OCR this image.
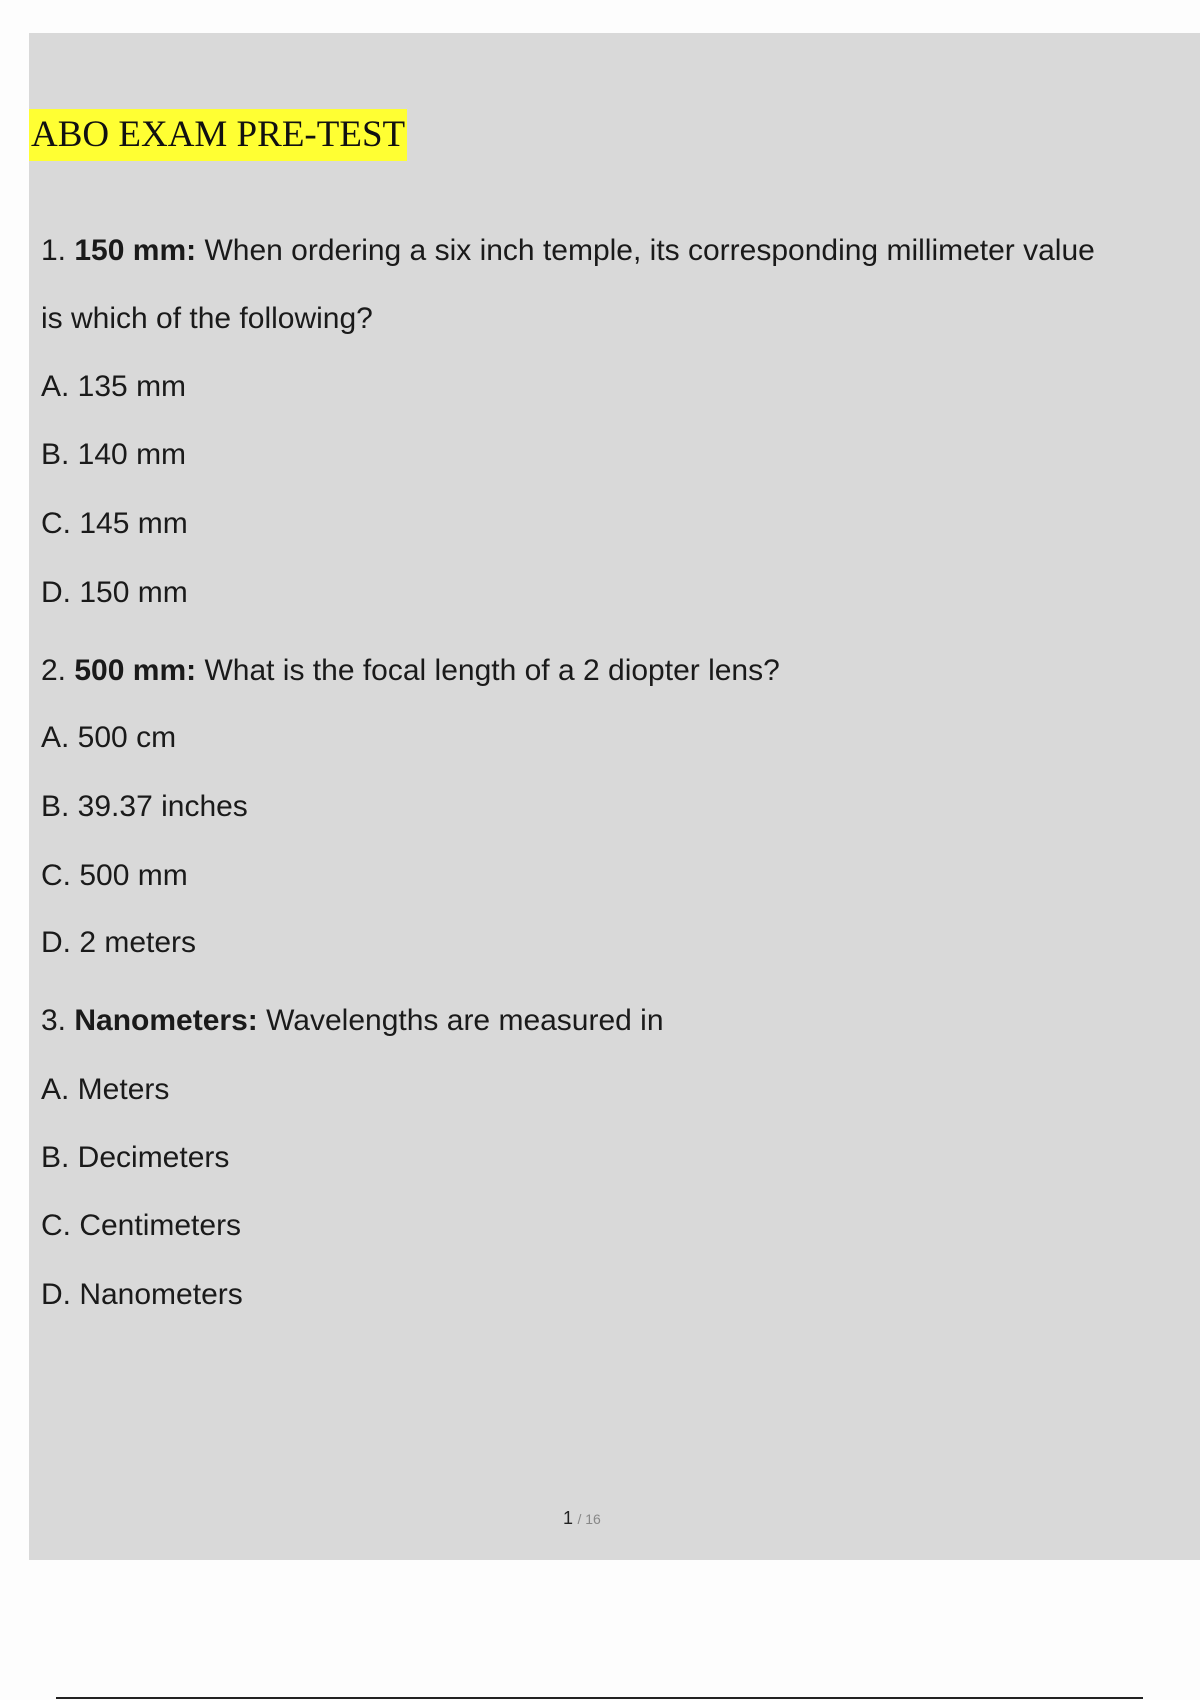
ABO EXAM PRE-TEST
1. 150 mm: When ordering a six inch temple, its corresponding millimeter value
is which of the following?
A. 135 mm
B. 140 mm
C. 145 mm
D. 150 mm
2. 500 mm: What is the focal length of a 2 diopter lens?
A. 500 cm
B. 39.37 inches
C. 500 mm
D. 2 meters
3. Nanometers: Wavelengths are measured in
A. Meters
B. Decimeters
C. Centimeters
D. Nanometers
1 / 16
